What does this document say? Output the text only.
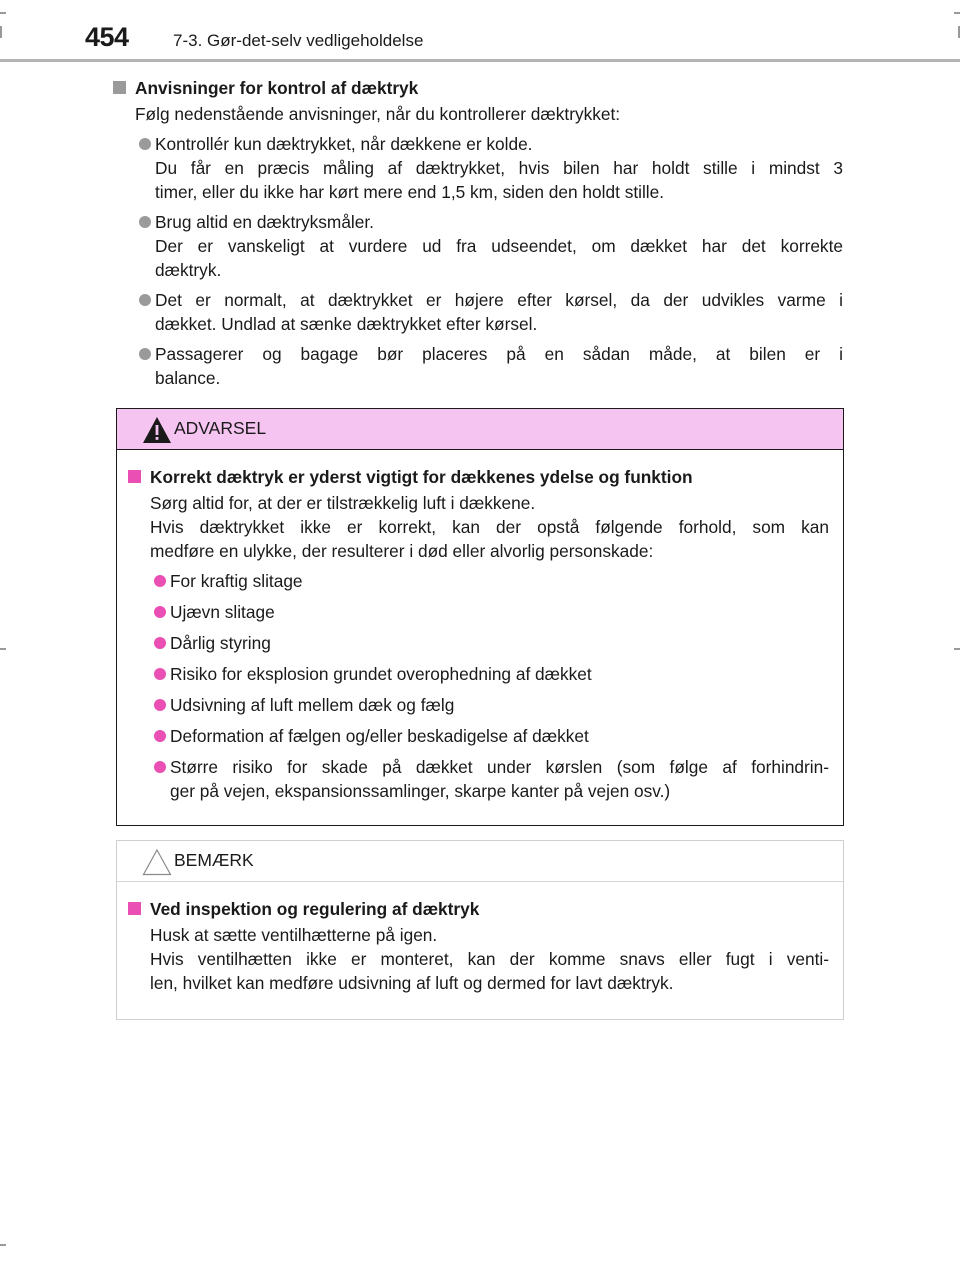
454	7-3. Gør-det-selv vedligeholdelse
Anvisninger for kontrol af dæktryk
Følg nedenstående anvisninger, når du kontrollerer dæktrykket:
Kontrollér kun dæktrykket, når dækkene er kolde.
Du får en præcis måling af dæktrykket, hvis bilen har holdt stille i mindst 3
timer, eller du ikke har kørt mere end 1,5 km, siden den holdt stille.
Brug altid en dæktryksmåler.
Der er vanskeligt at vurdere ud fra udseendet, om dækket har det korrekte
dæktryk.
Det er normalt, at dæktrykket er højere efter kørsel, da der udvikles varme i
dækket. Undlad at sænke dæktrykket efter kørsel.
Passagerer og bagage bør placeres på en sådan måde, at bilen er i
balance.
ADVARSEL
Korrekt dæktryk er yderst vigtigt for dækkenes ydelse og funktion
Sørg altid for, at der er tilstrækkelig luft i dækkene.
Hvis dæktrykket ikke er korrekt, kan der opstå følgende forhold, som kan
medføre en ulykke, der resulterer i død eller alvorlig personskade:
For kraftig slitage
Ujævn slitage
Dårlig styring
Risiko for eksplosion grundet overophedning af dækket
Udsivning af luft mellem dæk og fælg
Deformation af fælgen og/eller beskadigelse af dækket
Større risiko for skade på dækket under kørslen (som følge af forhindrin-
ger på vejen, ekspansionssamlinger, skarpe kanter på vejen osv.)
BEMÆRK
Ved inspektion og regulering af dæktryk
Husk at sætte ventilhætterne på igen.
Hvis ventilhætten ikke er monteret, kan der komme snavs eller fugt i venti-
len, hvilket kan medføre udsivning af luft og dermed for lavt dæktryk.
